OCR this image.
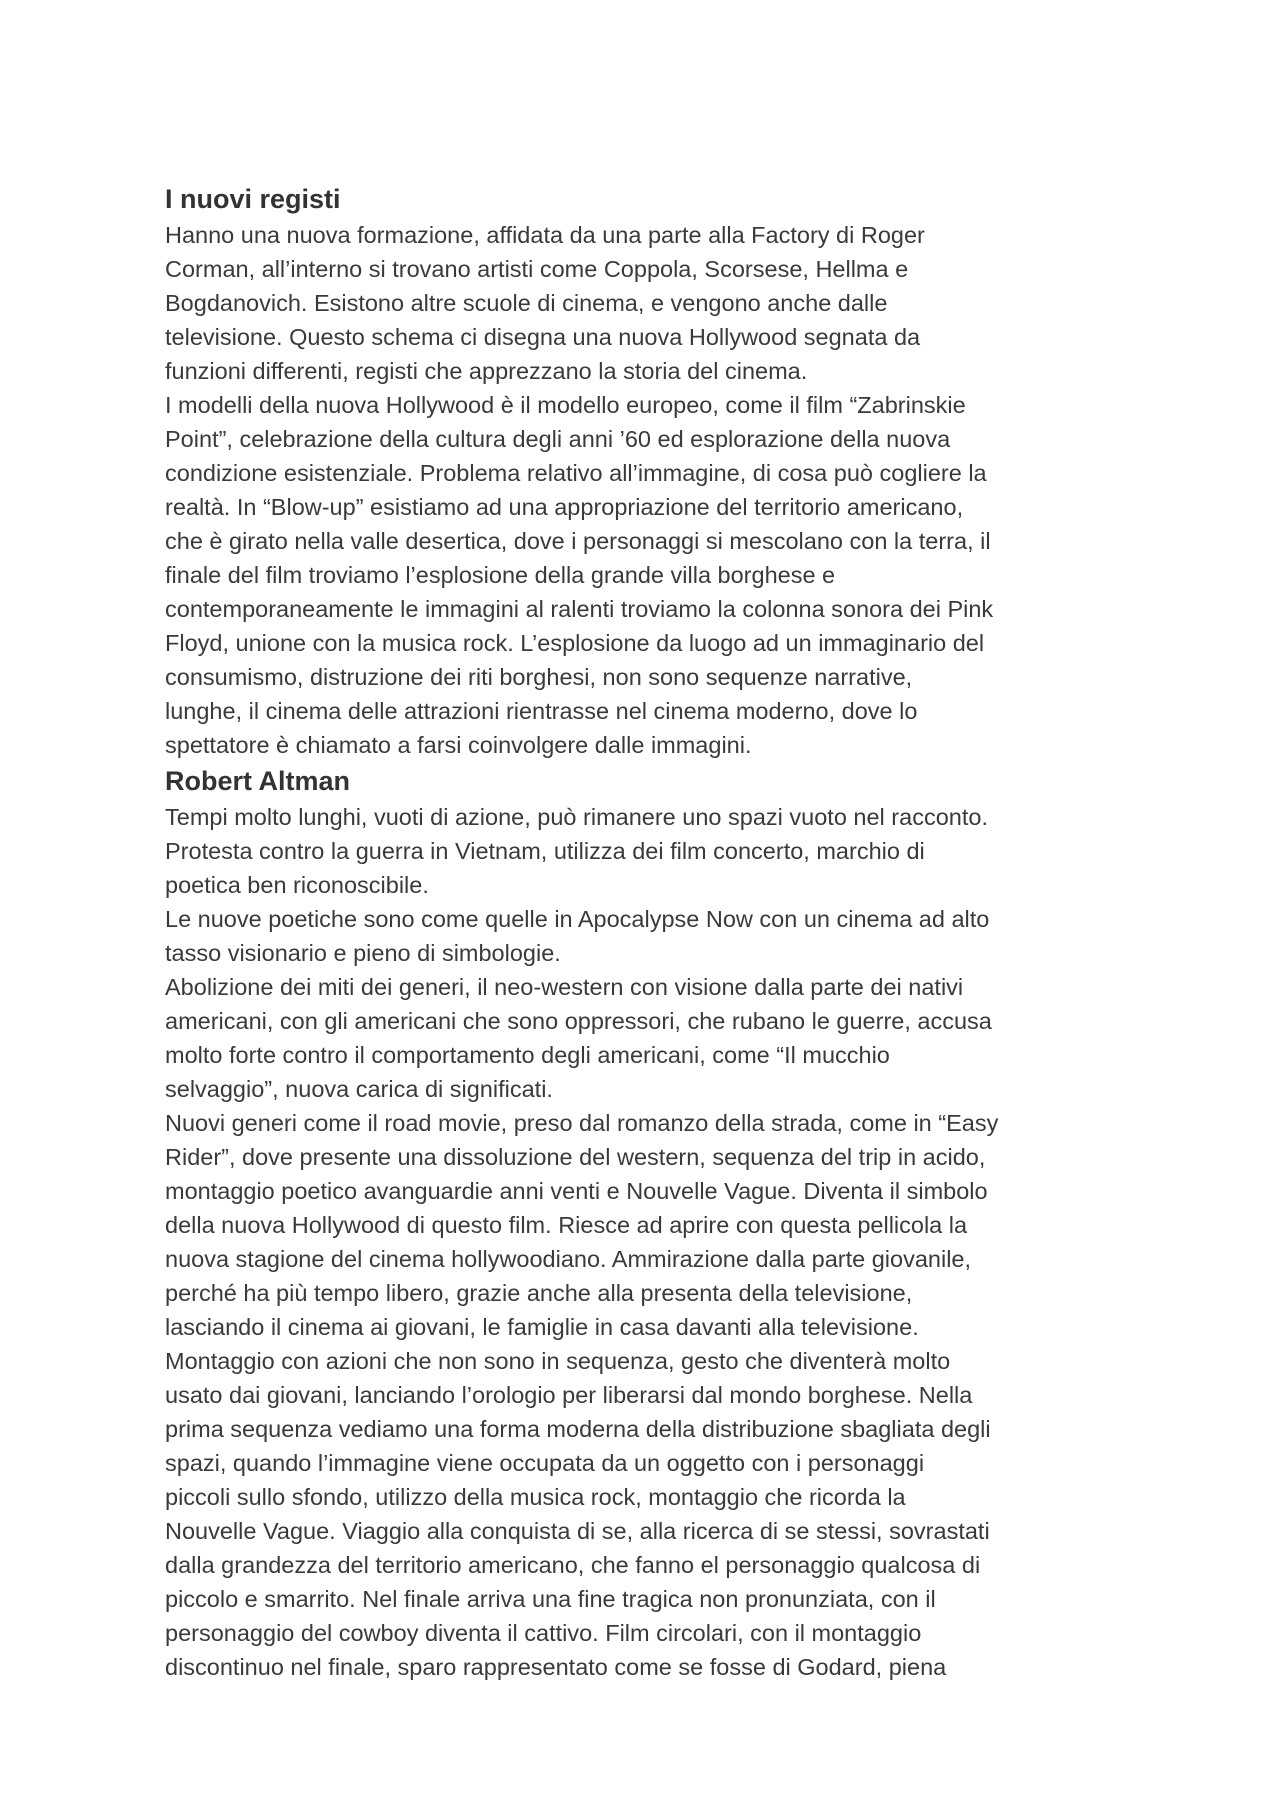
I nuovi registi

Hanno una nuova formazione, affidata da una parte alla Factory di Roger

Corman, all’interno si trovano artisti come Coppola, Scorsese, Hellma e

Bogdanovich. Esistono altre scuole di cinema, e vengono anche dalle

televisione. Questo schema ci disegna una nuova Hollywood segnata da

funzioni differenti, registi che apprezzano la storia del cinema.

I modelli della nuova Hollywood è il modello europeo, come il film “Zabrinskie

Point”, celebrazione della cultura degli anni ’60 ed esplorazione della nuova

condizione esistenziale. Problema relativo all’immagine, di cosa può cogliere la

realtà. In “Blow-up” esistiamo ad una appropriazione del territorio americano,

che è girato nella valle desertica, dove i personaggi si mescolano con la terra, il

finale del film troviamo l’esplosione della grande villa borghese e

contemporaneamente le immagini al ralenti troviamo la colonna sonora dei Pink

Floyd, unione con la musica rock. L’esplosione da luogo ad un immaginario del

consumismo, distruzione dei riti borghesi, non sono sequenze narrative,

lunghe, il cinema delle attrazioni rientrasse nel cinema moderno, dove lo

spettatore è chiamato a farsi coinvolgere dalle immagini.

Robert Altman

Tempi molto lunghi, vuoti di azione, può rimanere uno spazi vuoto nel racconto.

Protesta contro la guerra in Vietnam, utilizza dei film concerto, marchio di

poetica ben riconoscibile.

Le nuove poetiche sono come quelle in Apocalypse Now con un cinema ad alto

tasso visionario e pieno di simbologie.

Abolizione dei miti dei generi, il neo-western con visione dalla parte dei nativi

americani, con gli americani che sono oppressori, che rubano le guerre, accusa

molto forte contro il comportamento degli americani, come “Il mucchio

selvaggio”, nuova carica di significati.

Nuovi generi come il road movie, preso dal romanzo della strada, come in “Easy

Rider”, dove presente una dissoluzione del western, sequenza del trip in acido,

montaggio poetico avanguardie anni venti e Nouvelle Vague. Diventa il simbolo

della nuova Hollywood di questo film. Riesce ad aprire con questa pellicola la

nuova stagione del cinema hollywoodiano. Ammirazione dalla parte giovanile,

perché ha più tempo libero, grazie anche alla presenta della televisione,

lasciando il cinema ai giovani, le famiglie in casa davanti alla televisione.

Montaggio con azioni che non sono in sequenza, gesto che diventerà molto

usato dai giovani, lanciando l’orologio per liberarsi dal mondo borghese. Nella

prima sequenza vediamo una forma moderna della distribuzione sbagliata degli

spazi, quando l’immagine viene occupata da un oggetto con i personaggi

piccoli sullo sfondo, utilizzo della musica rock, montaggio che ricorda la

Nouvelle Vague. Viaggio alla conquista di se, alla ricerca di se stessi, sovrastati

dalla grandezza del territorio americano, che fanno el personaggio qualcosa di

piccolo e smarrito. Nel finale arriva una fine tragica non pronunziata, con il

personaggio del cowboy diventa il cattivo. Film circolari, con il montaggio

discontinuo nel finale, sparo rappresentato come se fosse di Godard, piena
